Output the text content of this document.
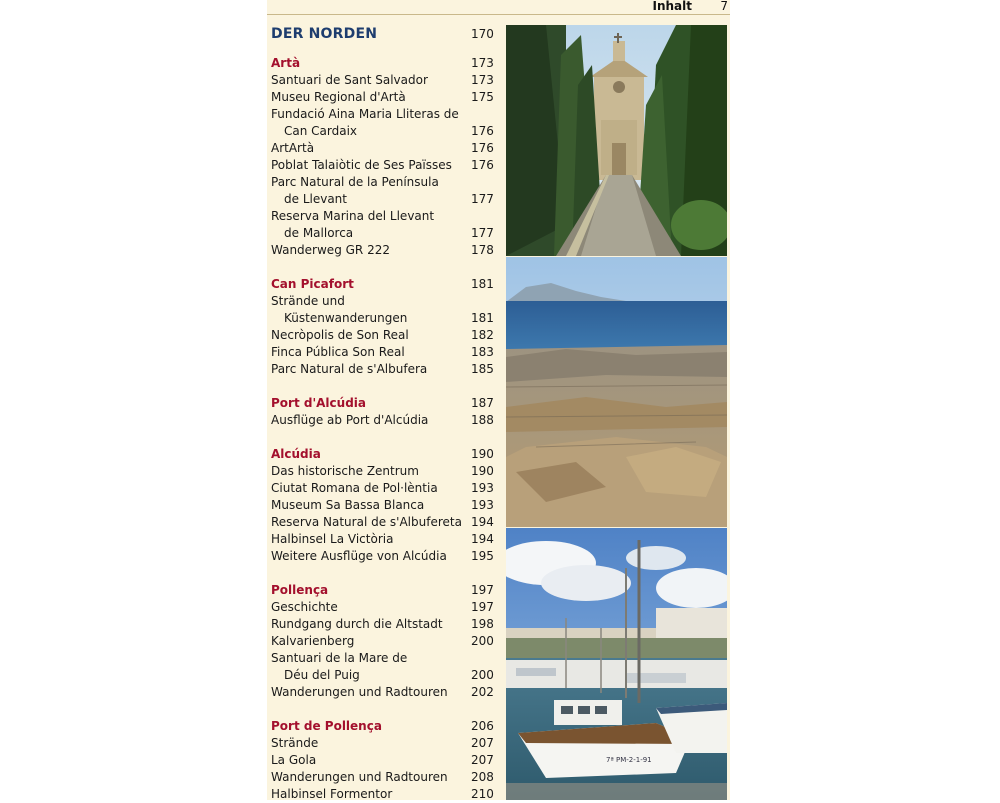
Inhalt 7
DER NORDEN	170
Artà	173
Santuari de Sant Salvador	173
Museu Regional d'Artà	175
Fundació Aina Maria Lliteras de
Can Cardaix	176
ArtArtà	176
Poblat Talaiòtic de Ses Païsses 176
Parc Natural de la Península
de Llevant	177
Reserva Marina del Llevant
de Mallorca	177
Wanderweg GR 222	178
Can Picafort	181
Strände und
Küstenwanderungen	181
Necròpolis de Son Real	182
Finca Pública Son Real	183
Parc Natural de s'Albufera	185
Port d'Alcúdia	187
Ausflüge ab Port d'Alcúdia	188
Alcúdia	190
Das historische Zentrum	190
Ciutat Romana de Pol·lèntia	193
Museum Sa Bassa Blanca	193
Reserva Natural de s'Albufereta 194
Halbinsel La Victòria	194
Weitere Ausflüge von Alcúdia 195
Pollença	197
Geschichte	197
Rundgang durch die Altstadt 198
Kalvarienberg	200
Santuari de la Mare de
Déu del Puig	200
Wanderungen und Radtouren 202
Port de Pollença	206
Strände	207
La Gola	207
Wanderungen und Radtouren 208
Halbinsel Formentor	210
7ª PM-2-1-91
